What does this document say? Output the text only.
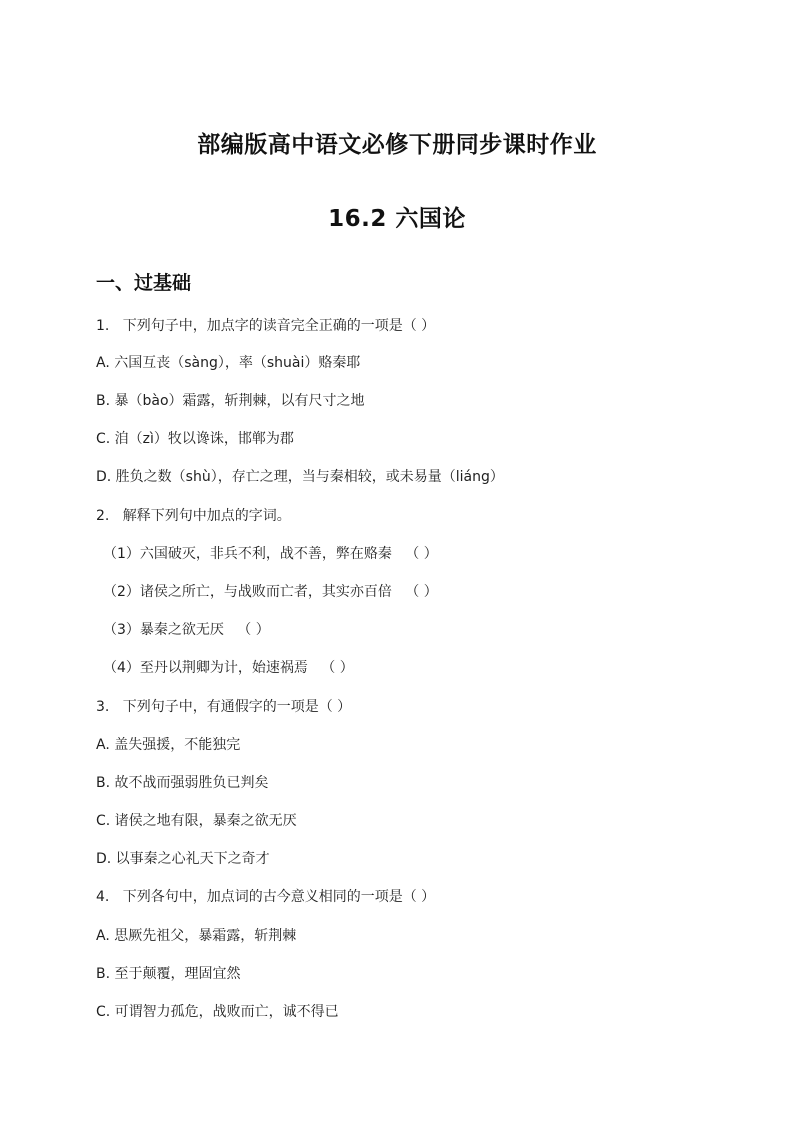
部编版高中语文必修下册同步课时作业
16.2 六国论
一、过基础
1.   下列句子中，加点字的读音完全正确的一项是（ ）
A. 六国互丧（sàng），率（shuài）赂秦耶
B. 暴（bào）霜露，斩荆棘，以有尺寸之地
C. 洎（zì）牧以谗诛，邯郸为郡
D. 胜负之数（shù），存亡之理，当与秦相较，或未易量（liáng）
2.   解释下列句中加点的字词。
（1）六国破灭，非兵不利，战不善，弊在赂秦   （ ）
（2）诸侯之所亡，与战败而亡者，其实亦百倍   （ ）
（3）暴秦之欲无厌   （ ）
（4）至丹以荆卿为计，始速祸焉   （ ）
3.   下列句子中，有通假字的一项是（ ）
A. 盖失强援，不能独完
B. 故不战而强弱胜负已判矣
C. 诸侯之地有限，暴秦之欲无厌
D. 以事秦之心礼天下之奇才
4.   下列各句中，加点词的古今意义相同的一项是（ ）
A. 思厥先祖父，暴霜露，斩荆棘
B. 至于颠覆，理固宜然
C. 可谓智力孤危，战败而亡，诚不得已
